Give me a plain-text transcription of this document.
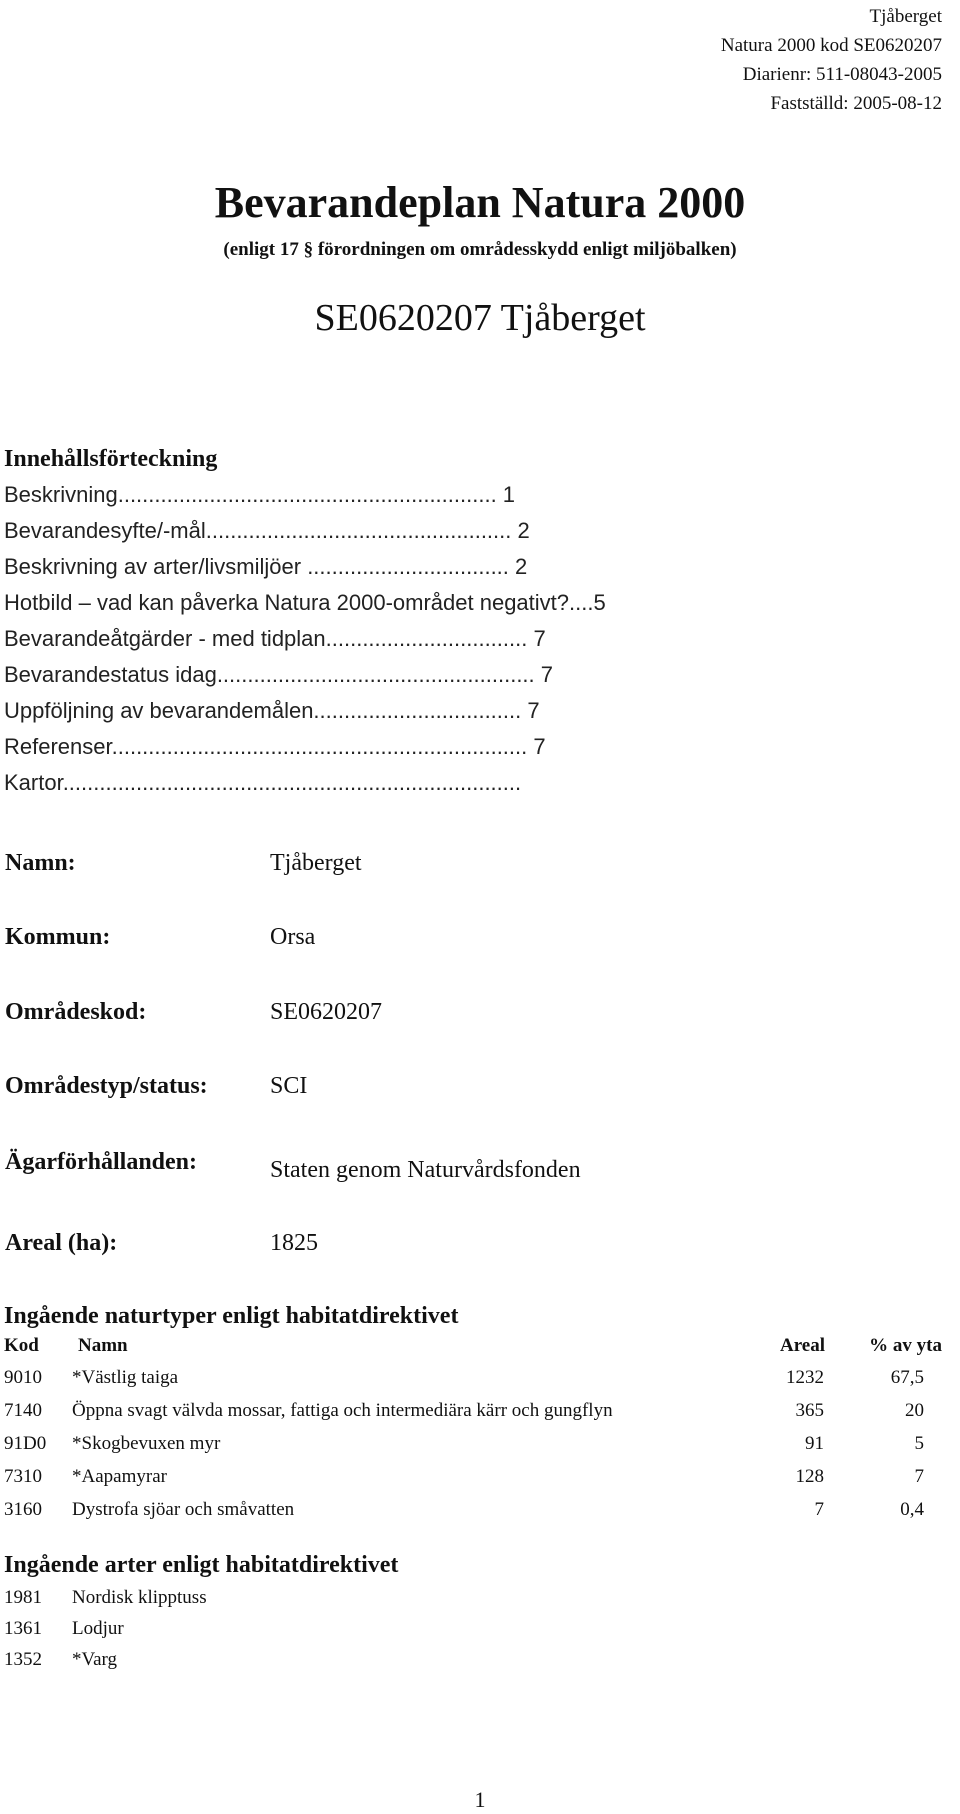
Tjåberget
Natura 2000 kod SE0620207
Diarienr: 511-08043-2005
Fastställd: 2005-08-12
Bevarandeplan Natura 2000
(enligt 17 § förordningen om områdesskydd enligt miljöbalken)
SE0620207 Tjåberget
Innehållsförteckning
Beskrivning.............................................................. 1
Bevarandesyfte/-mål.................................................. 2
Beskrivning av arter/livsmiljöer ................................. 2
Hotbild – vad kan påverka Natura 2000-området negativt?....5
Bevarandeåtgärder - med tidplan................................. 7
Bevarandestatus idag.................................................... 7
Uppföljning av bevarandemålen.................................. 7
Referenser.................................................................... 7
Kartor...........................................................................
Namn:	Tjåberget
Kommun:	Orsa
Områdeskod:	SE0620207
Områdestyp/status:	SCI
Ägarförhållanden:	Staten genom Naturvårdsfonden
Areal (ha):	1825
Ingående naturtyper enligt habitatdirektivet
Kod Namn	Areal % av yta
9010 *Västlig taiga	1232	67,5
7140 Öppna svagt välvda mossar, fattiga och intermediära kärr och gungflyn	365	20
91D0 *Skogbevuxen myr	91	5
7310 *Aapamyrar	128	7
3160 Dystrofa sjöar och småvatten	7	0,4
Ingående arter enligt habitatdirektivet
1981 Nordisk klipptuss
1361 Lodjur
1352 *Varg
1
